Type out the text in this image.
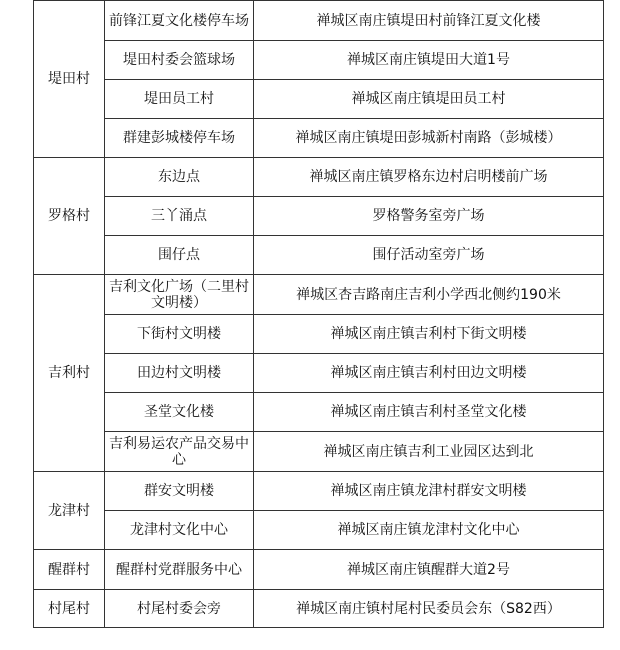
堤田村	前锋江夏文化楼停车场	禅城区南庄镇堤田村前锋江夏文化楼
	堤田村委会篮球场	禅城区南庄镇堤田大道1号
	堤田员工村	禅城区南庄镇堤田员工村
	群建彭城楼停车场	禅城区南庄镇堤田彭城新村南路（彭城楼）
罗格村	东边点	禅城区南庄镇罗格东边村启明楼前广场
	三丫涌点	罗格警务室旁广场
	围仔点	围仔活动室旁广场
吉利村	吉利文化广场（二里村文明楼）	禅城区杏吉路南庄吉利小学西北侧约190米
	下街村文明楼	禅城区南庄镇吉利村下街文明楼
	田边村文明楼	禅城区南庄镇吉利村田边文明楼
	圣堂文化楼	禅城区南庄镇吉利村圣堂文化楼
	吉利易运农产品交易中心	禅城区南庄镇吉利工业园区达到北
龙津村	群安文明楼	禅城区南庄镇龙津村群安文明楼
	龙津村文化中心	禅城区南庄镇龙津村文化中心
醒群村	醒群村党群服务中心	禅城区南庄镇醒群大道2号
村尾村	村尾村委会旁	禅城区南庄镇村尾村民委员会东（S82西）
